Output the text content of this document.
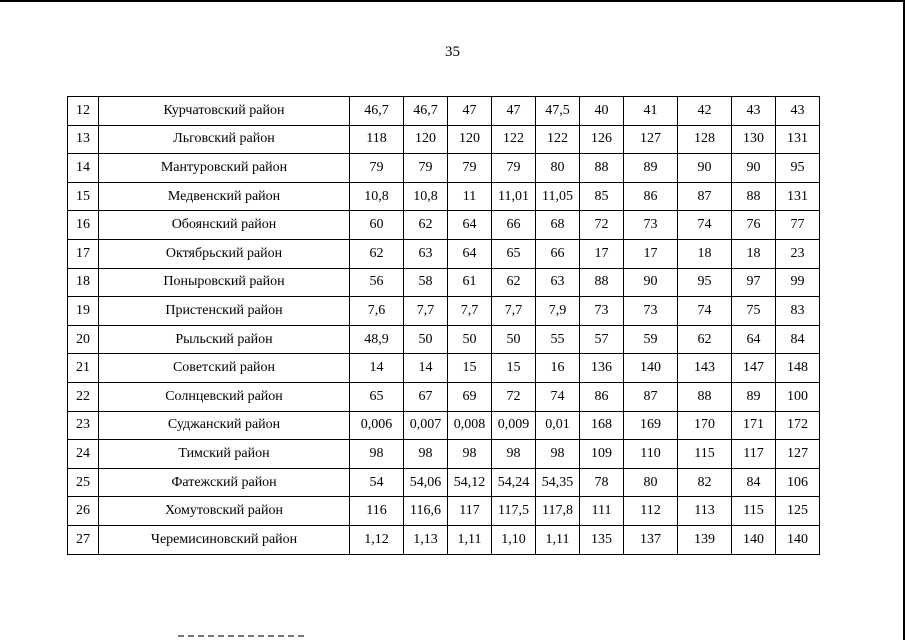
35
12	Курчатовский район	46,7	46,7	47	47	47,5	40	41	42	43	43
13	Льговский район	118	120	120	122	122	126	127	128	130	131
14	Мантуровский район	79	79	79	79	80	88	89	90	90	95
15	Медвенский район	10,8	10,8	11	11,01	11,05	85	86	87	88	131
16	Обоянский район	60	62	64	66	68	72	73	74	76	77
17	Октябрьский район	62	63	64	65	66	17	17	18	18	23
18	Поныровский район	56	58	61	62	63	88	90	95	97	99
19	Пристенский район	7,6	7,7	7,7	7,7	7,9	73	73	74	75	83
20	Рыльский район	48,9	50	50	50	55	57	59	62	64	84
21	Советский район	14	14	15	15	16	136	140	143	147	148
22	Солнцевский район	65	67	69	72	74	86	87	88	89	100
23	Суджанский район	0,006	0,007	0,008	0,009	0,01	168	169	170	171	172
24	Тимский район	98	98	98	98	98	109	110	115	117	127
25	Фатежский район	54	54,06	54,12	54,24	54,35	78	80	82	84	106
26	Хомутовский район	116	116,6	117	117,5	117,8	111	112	113	115	125
27	Черемисиновский район	1,12	1,13	1,11	1,10	1,11	135	137	139	140	140
